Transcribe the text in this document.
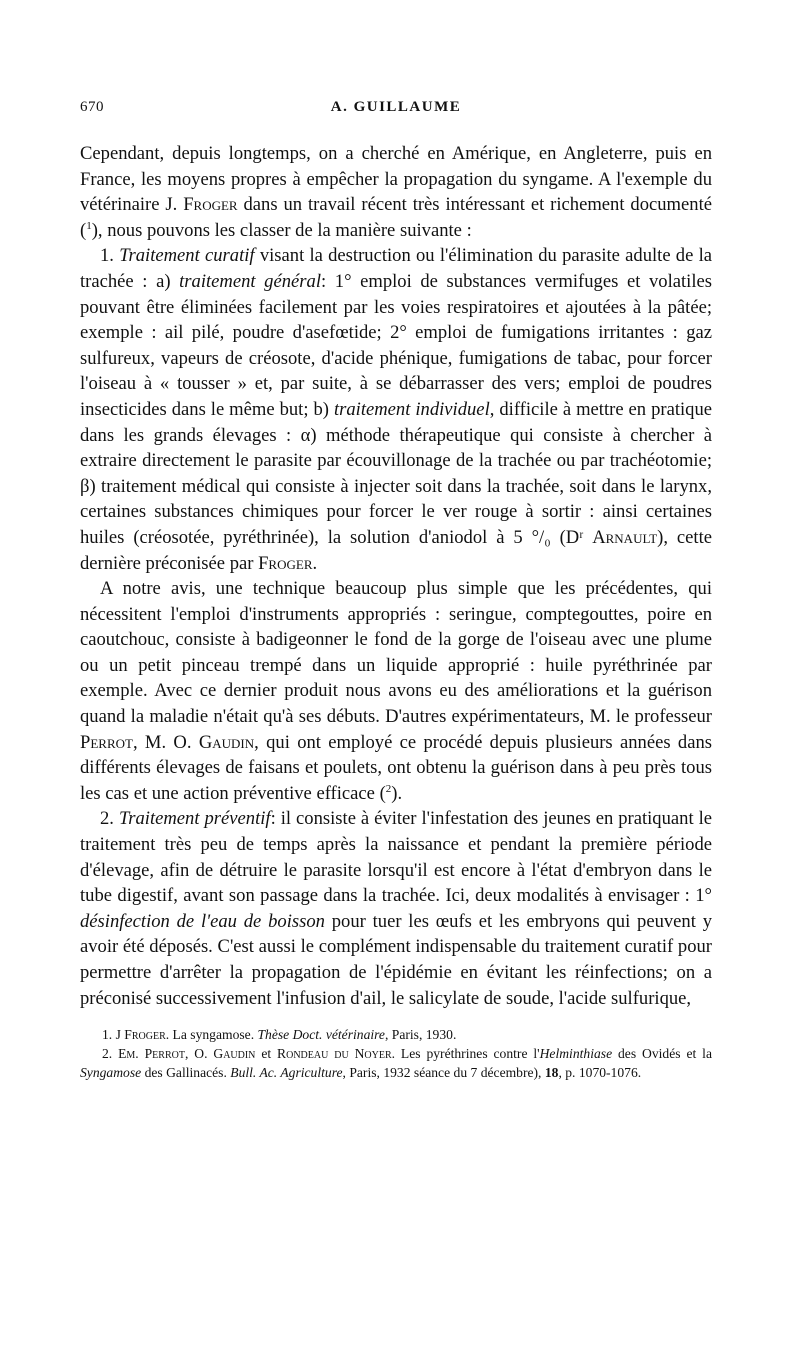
670	A. GUILLAUME

Cependant, depuis longtemps, on a cherché en Amérique, en Angleterre, puis en France, les moyens propres à empêcher la propagation du syngame. A l'exemple du vétérinaire J. Froger dans un travail récent très intéressant et richement documenté ($^1$), nous pouvons les classer de la manière suivante :

1. Traitement curatif visant la destruction ou l'élimination du parasite adulte de la trachée : a) traitement général: 1° emploi de substances vermifuges et volatiles pouvant être éliminées facilement par les voies respiratoires et ajoutées à la pâtée; exemple : ail pilé, poudre d'asefœtide; 2° emploi de fumigations irritantes : gaz sulfureux, vapeurs de créosote, d'acide phénique, fumigations de tabac, pour forcer l'oiseau à « tousser » et, par suite, à se débarrasser des vers; emploi de poudres insecticides dans le même but; b) traitement individuel, difficile à mettre en pratique dans les grands élevages : α) méthode thérapeutique qui consiste à chercher à extraire directement le parasite par écouvillonage de la trachée ou par trachéotomie; β) traitement médical qui consiste à injecter soit dans la trachée, soit dans le larynx, certaines substances chimiques pour forcer le ver rouge à sortir : ainsi certaines huiles (créosotée, pyréthrinée), la solution d'aniodol à 5 °/₀ (Dʳ Arnault), cette dernière préconisée par Froger.

A notre avis, une technique beaucoup plus simple que les précédentes, qui nécessitent l'emploi d'instruments appropriés : seringue, comptegouttes, poire en caoutchouc, consiste à badigeonner le fond de la gorge de l'oiseau avec une plume ou un petit pinceau trempé dans un liquide approprié : huile pyréthrinée par exemple. Avec ce dernier produit nous avons eu des améliorations et la guérison quand la maladie n'était qu'à ses débuts. D'autres expérimentateurs, M. le professeur Perrot, M. O. Gaudin, qui ont employé ce procédé depuis plusieurs années dans différents élevages de faisans et poulets, ont obtenu la guérison dans à peu près tous les cas et une action préventive efficace ($^2$).

2. Traitement préventif: il consiste à éviter l'infestation des jeunes en pratiquant le traitement très peu de temps après la naissance et pendant la première période d'élevage, afin de détruire le parasite lorsqu'il est encore à l'état d'embryon dans le tube digestif, avant son passage dans la trachée. Ici, deux modalités à envisager : 1° désinfection de l'eau de boisson pour tuer les œufs et les embryons qui peuvent y avoir été déposés. C'est aussi le complément indispensable du traitement curatif pour permettre d'arrêter la propagation de l'épidémie en évitant les réinfections; on a préconisé successivement l'infusion d'ail, le salicylate de soude, l'acide sulfurique,

1. J Froger. La syngamose. Thèse Doct. vétérinaire, Paris, 1930.

2. Em. Perrot, O. Gaudin et Rondeau du Noyer. Les pyréthrines contre l'Helminthiase des Ovidés et la Syngamose des Gallinacés. Bull. Ac. Agriculture, Paris, 1932 séance du 7 décembre), 18, p. 1070-1076.
